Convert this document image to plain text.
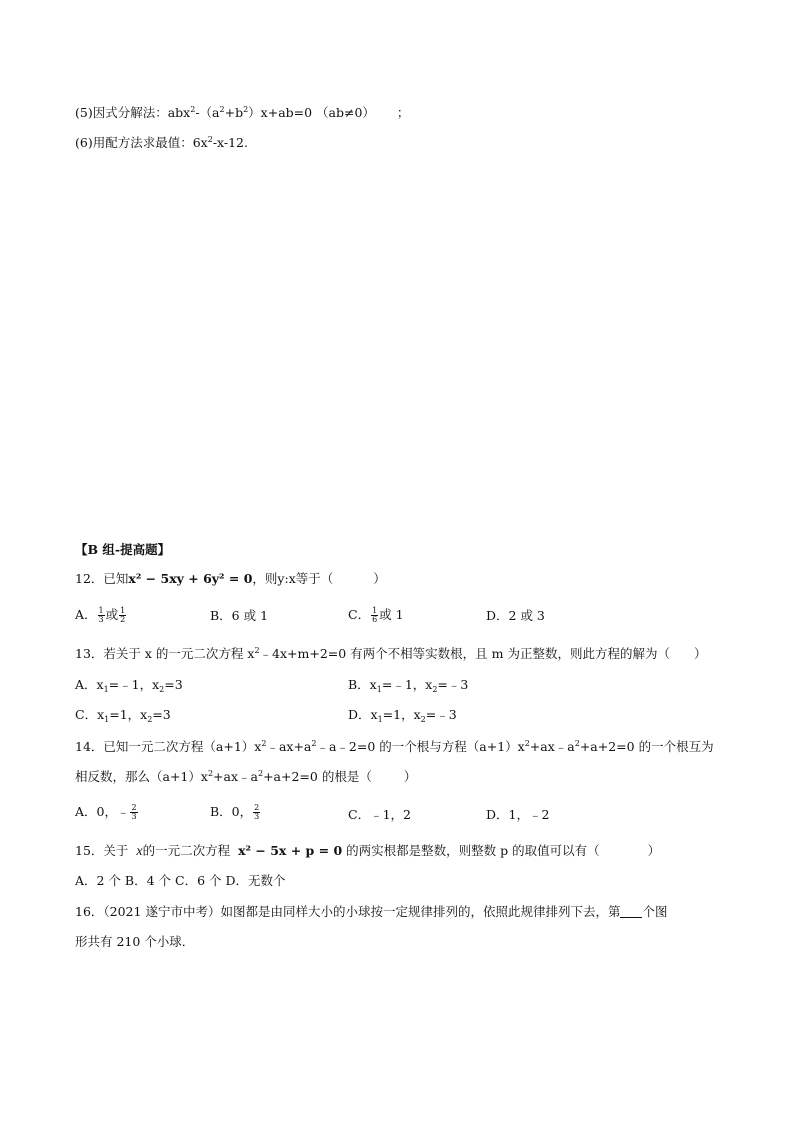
(5)因式分解法：$abx^2-(a^2+b^2)x+ab=0$ （ab≠0） ；
(6)用配方法求最值：$6x^2-x-12$.
【B 组-提高题】
12．已知x² − 5xy + 6y² = 0，则y:x等于（	）
A． $\frac{1}{3}$ 或 $\frac{1}{2}$	B．6 或 1	C． $\frac{1}{6}$ 或 1	D．2 或 3
13．若关于 x 的一元二次方程 $x^2﹣4x+m+2=0$ 有两个不相等实数根，且 m 为正整数，则此方程的解为（ ）
A．$x_1=﹣1$，$x_2=3$	B．$x_1=﹣1$，$x_2=﹣3$
C．$x_1=1$，$x_2=3$	D．$x_1=1$，$x_2=﹣3$
14．已知一元二次方程$(a+1)x^2﹣ax+a^2﹣a﹣2=0$ 的一个根与方程$(a+1)x^2+ax﹣a^2+a+2=0$ 的一个根互为
相反数，那么$(a+1)x^2+ax﹣a^2+a+2=0$ 的根是（	）
A．0，﹣ $\frac{2}{3}$	B．0， $\frac{2}{3}$	C．﹣1，2	D．1，﹣2
15．关于 x的一元二次方程 x² − 5x + p = 0 的两实根都是整数，则整数 p 的取值可以有（	）
A．2 个 B．4 个 C．6 个 D．无数个
16．（2021 遂宁市中考）如图都是由同样大小的小球按一定规律排列的，依照此规律排列下去，第 个图
形共有 210 个小球．
